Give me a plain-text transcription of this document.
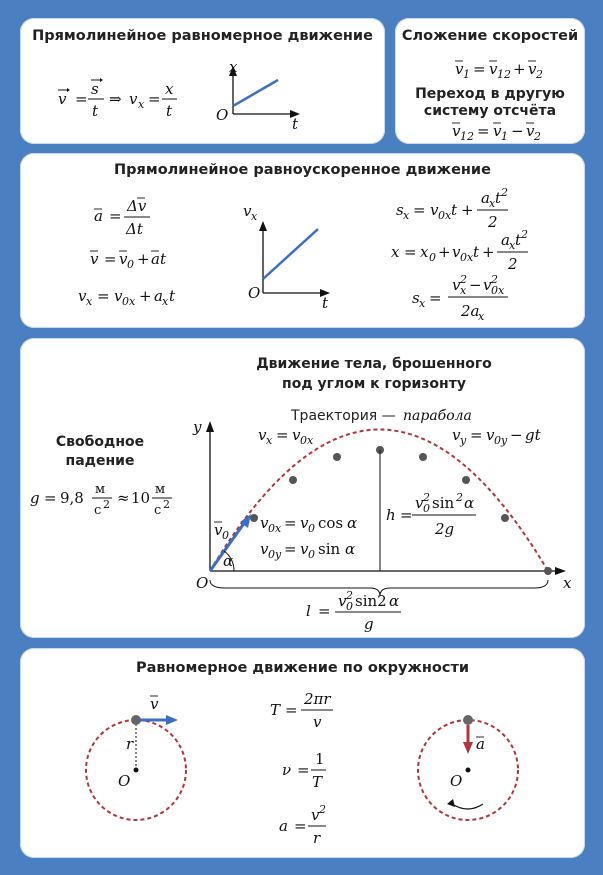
Прямолинейное равномерное движение
v =
s
t
⇒ v x =
x
t
x
t
O
Сложение скоростей
v 1 = v 12 + v 2
Переход в другую
систему отсчёта
v 12 = v 1 − v 2
Прямолинейное равноускоренное движение
a =
Δv
Δt
v = v 0 + at
v x = v 0x + a x t
v x
t
O
s x = v 0x t +
a x t 2
2
x = x 0 + v 0x t +
a x t 2
2
s x =
v x
2 − v 0x
2
2a
x
Движение тела, брошенного
под углом к горизонту
Свободное
падение
g = 9,8 м
с 2 ≈ 10 м
с 2
Траектория — парабола
v x = v 0x	v y = v 0y − gt
y
x
O
h =
v 0
2 sin 2 α
2g
v 0
α
v 0x = v 0 cos α
v 0y = v 0 sin α
l =
v 0
2 sin2 α
g
Равномерное движение по окружности
v
r
O
T =
2πr
v
ν =
1
T
a =
v 2
r
a
O
